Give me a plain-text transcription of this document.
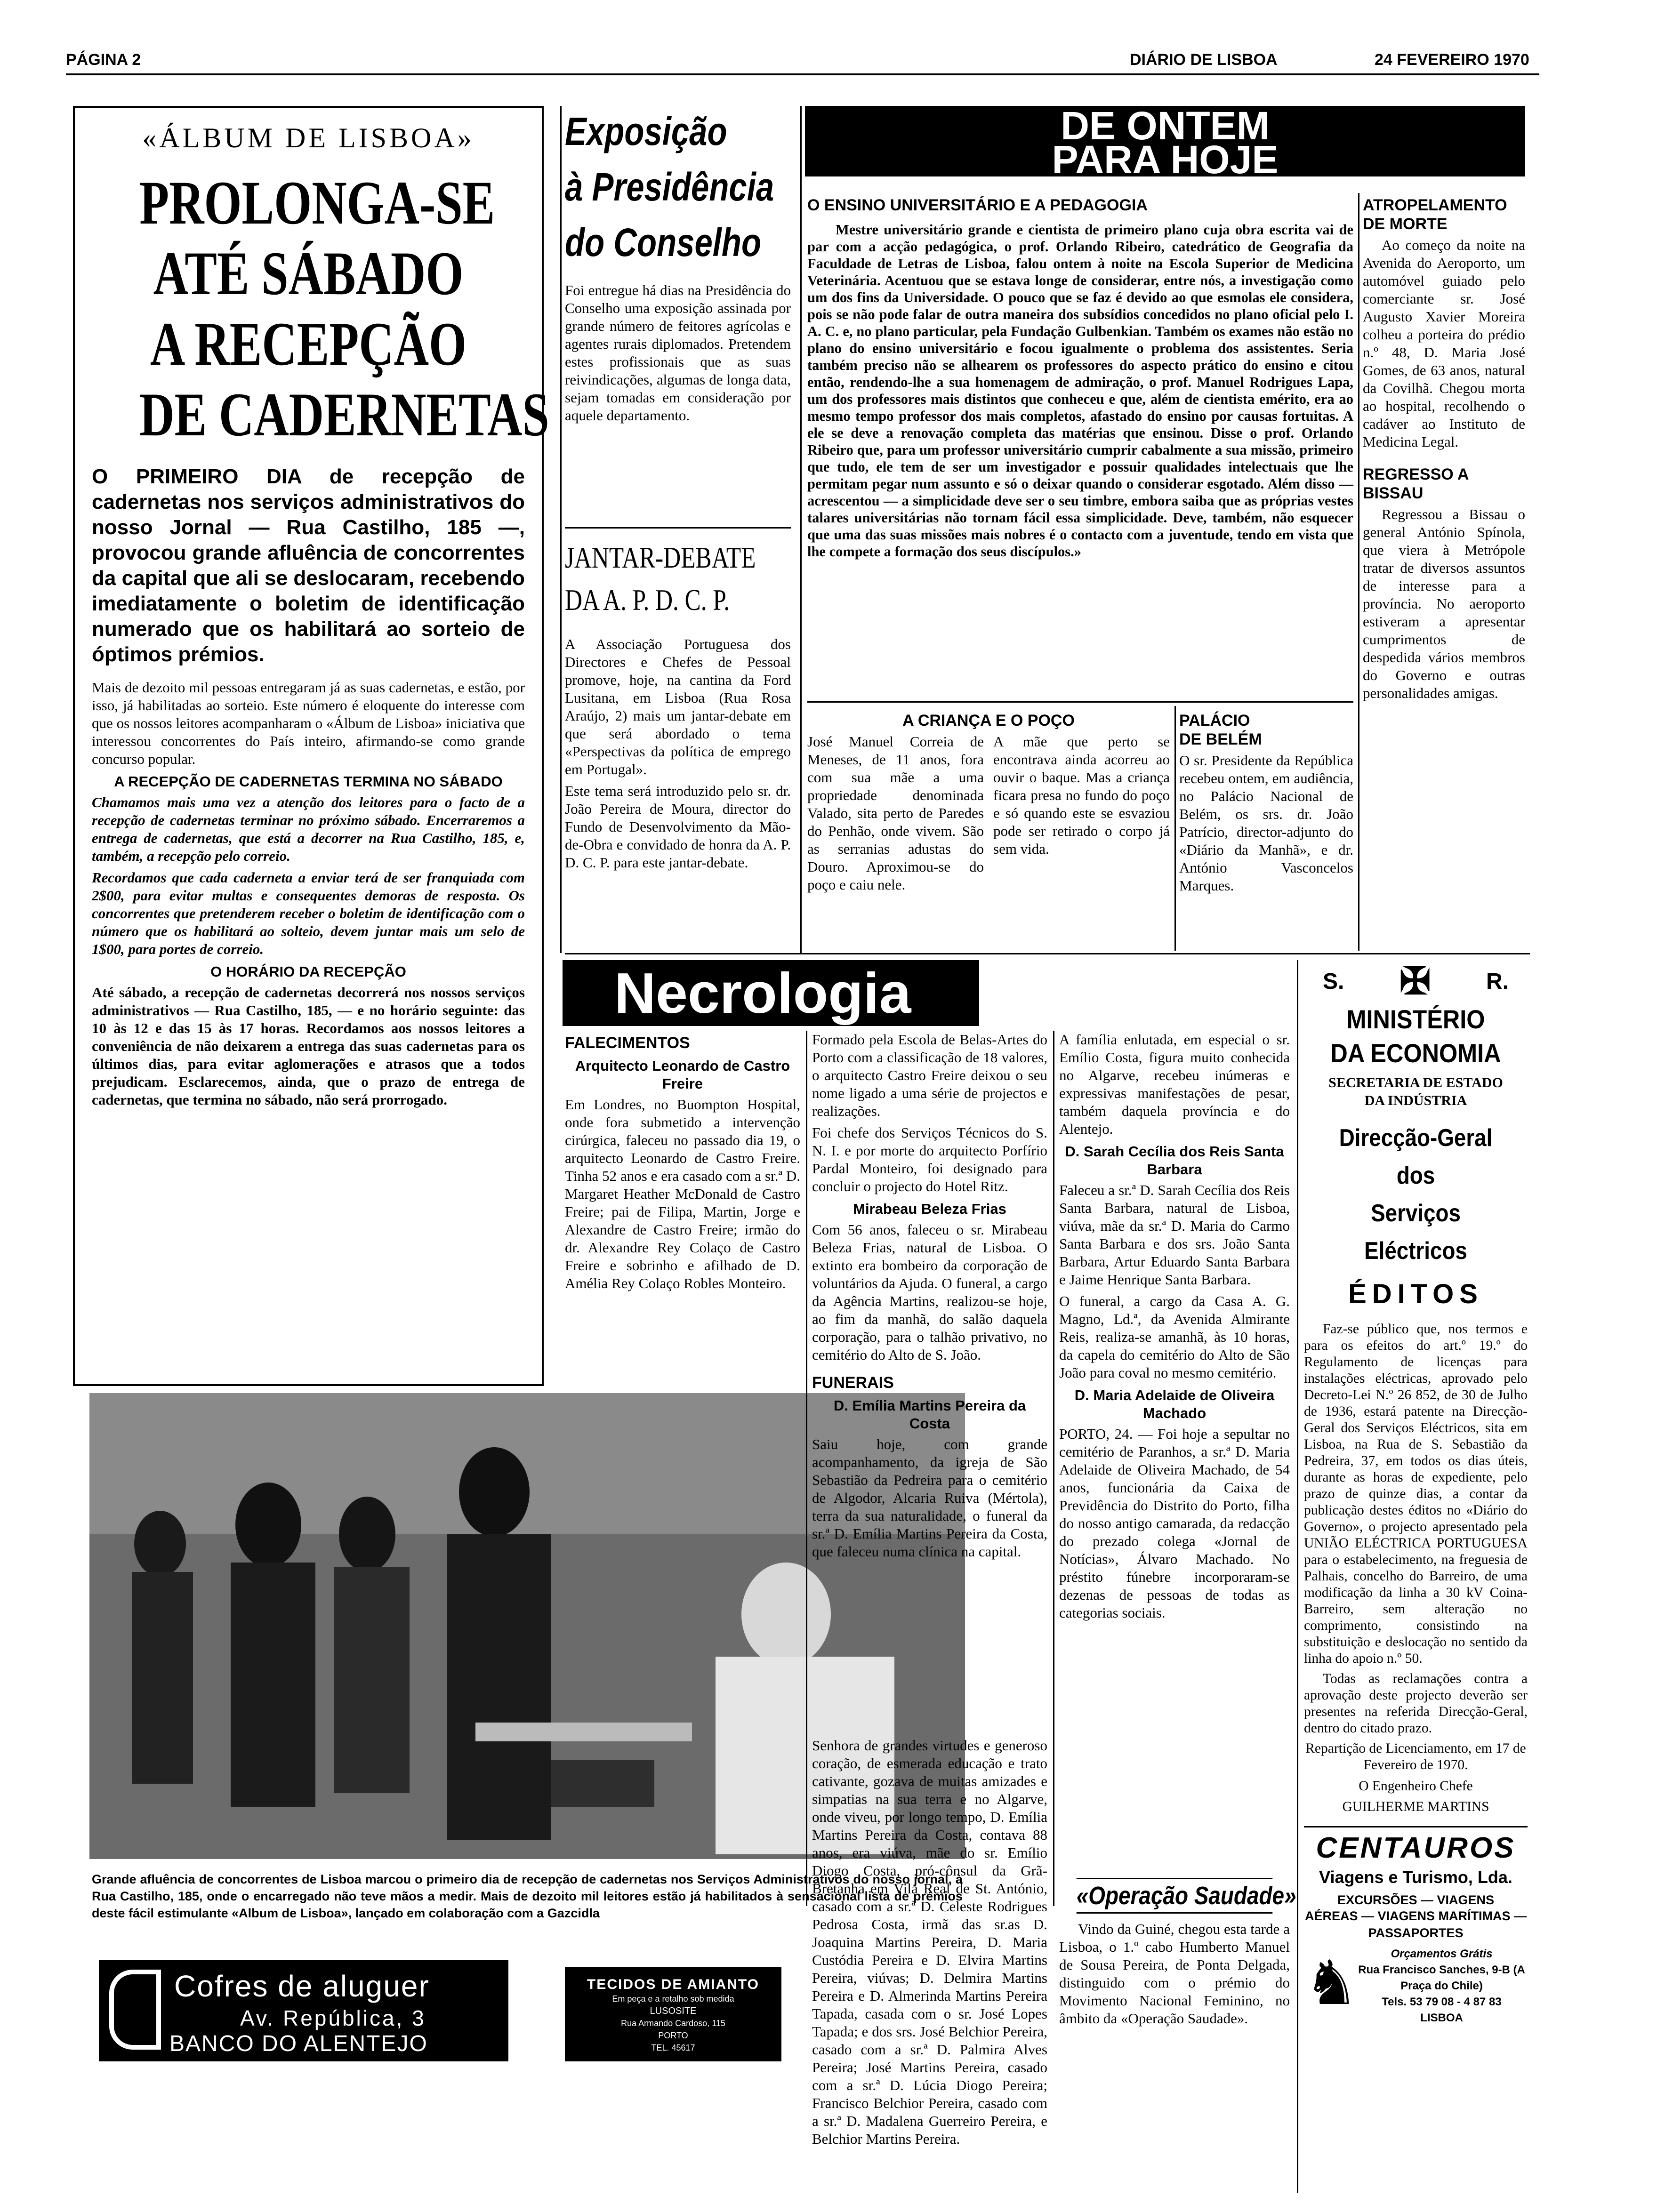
PÁGINA 2	DIÁRIO DE LISBOA	24 FEVEREIRO 1970
«ÁLBUM DE LISBOA»
PROLONGA-SE
ATÉ SÁBADO
A RECEPÇÃO
DE CADERNETAS
O PRIMEIRO DIA de recepção de cadernetas nos serviços administrativos do nosso Jornal — Rua Castilho, 185 —, provocou grande afluência de concorrentes da capital que ali se deslocaram, recebendo imediatamente o boletim de identificação numerado que os habilitará ao sorteio de óptimos prémios.

Mais de dezoito mil pessoas entregaram já as suas cadernetas, e estão, por isso, já habilitadas ao sorteio. Este número é eloquente do interesse com que os nossos leitores acompanharam o «Álbum de Lisboa» iniciativa que interessou concorrentes do País inteiro, afirmando-se como grande concurso popular.

A RECEPÇÃO DE CADERNETAS TERMINA NO SÁBADO

Chamamos mais uma vez a atenção dos leitores para o facto de a recepção de cadernetas terminar no próximo sábado. Encerraremos a entrega de cadernetas, que está a decorrer na Rua Castilho, 185, e, também, a recepção pelo correio.

Recordamos que cada caderneta a enviar terá de ser franquiada com 2$00, para evitar multas e consequentes demoras de resposta. Os concorrentes que pretenderem receber o boletim de identificação com o número que os habilitará ao solteio, devem juntar mais um selo de 1$00, para portes de correio.

O HORÁRIO DA RECEPÇÃO

Até sábado, a recepção de cadernetas decorrerá nos nossos serviços administrativos — Rua Castilho, 185, — e no horário seguinte: das 10 às 12 e das 15 às 17 horas. Recordamos aos nossos leitores a conveniência de não deixarem a entrega das suas cadernetas para os últimos dias, para evitar aglomerações e atrasos que a todos prejudicam. Esclarecemos, ainda, que o prazo de entrega de cadernetas, que termina no sábado, não será prorrogado.

Grande afluência de concorrentes de Lisboa marcou o primeiro dia de recepção de cadernetas nos Serviços Administrativos do nosso jornal, à Rua Castilho, 185, onde o encarregado não teve mãos a medir. Mais de dezoito mil leitores estão já habilitados à sensacional lista de prémios deste fácil estimulante «Album de Lisboa», lançado em colaboração com a Gazcidla
Exposição
à Presidência
do Conselho

Foi entregue há dias na Presidência do Conselho uma exposição assinada por grande número de feitores agrícolas e agentes rurais diplomados. Pretendem estes profissionais que as suas reivindicações, algumas de longa data, sejam tomadas em consideração por aquele departamento.

JANTAR-DEBATE
DA A. P. D. C. P.

A Associação Portuguesa dos Directores e Chefes de Pessoal promove, hoje, na cantina da Ford Lusitana, em Lisboa (Rua Rosa Araújo, 2) mais um jantar-debate em que será abordado o tema «Perspectivas da política de emprego em Portugal».

Este tema será introduzido pelo sr. dr. João Pereira de Moura, director do Fundo de Desenvolvimento da Mão-de-Obra e convidado de honra da A. P. D. C. P. para este jantar-debate.

DE ONTEM
PARA HOJE
O ENSINO UNIVERSITÁRIO E A PEDAGOGIA

Mestre universitário grande e cientista de primeiro plano cuja obra escrita vai de par com a acção pedagógica, o prof. Orlando Ribeiro, catedrático de Geografia da Faculdade de Letras de Lisboa, falou ontem à noite na Escola Superior de Medicina Veterinária. Acentuou que se estava longe de considerar, entre nós, a investigação como um dos fins da Universidade. O pouco que se faz é devido ao que esmolas ele considera, pois se não pode falar de outra maneira dos subsídios concedidos no plano oficial pelo I. A. C. e, no plano particular, pela Fundação Gulbenkian. Também os exames não estão no plano do ensino universitário e focou igualmente o problema dos assistentes. Seria também preciso não se alhearem os professores do aspecto prático do ensino e citou então, rendendo-lhe a sua homenagem de admiração, o prof. Manuel Rodrigues Lapa, um dos professores mais distintos que conheceu e que, além de cientista emérito, era ao mesmo tempo professor dos mais completos, afastado do ensino por causas fortuitas. A ele se deve a renovação completa das matérias que ensinou. Disse o prof. Orlando Ribeiro que, para um professor universitário cumprir cabalmente a sua missão, primeiro que tudo, ele tem de ser um investigador e possuir qualidades intelectuais que lhe permitam pegar num assunto e só o deixar quando o considerar esgotado. Além disso — acrescentou — a simplicidade deve ser o seu timbre, embora saiba que as próprias vestes talares universitárias não tornam fácil essa simplicidade. Deve, também, não esquecer que uma das suas missões mais nobres é o contacto com a juventude, tendo em vista que lhe compete a formação dos seus discípulos.»

A CRIANÇA E O POÇO

José Manuel Correia de Meneses, de 11 anos, fora com sua mãe a uma propriedade denominada Valado, sita perto de Paredes do Penhão, onde vivem. São as serranias adustas do Douro. Aproximou-se do poço e caiu nele.

A mãe que perto se encontrava ainda acorreu ao ouvir o baque. Mas a criança ficara presa no fundo do poço e só quando este se esvaziou pode ser retirado o corpo já sem vida.

PALÁCIO DE BELÉM

O sr. Presidente da República recebeu ontem, em audiência, no Palácio Nacional de Belém, os srs. dr. João Patrício, director-adjunto do «Diário da Manhã», e dr. António Vasconcelos Marques.

ATROPELAMENTO DE MORTE

Ao começo da noite na Avenida do Aeroporto, um automóvel guiado pelo comerciante sr. José Augusto Xavier Moreira colheu a porteira do prédio n.º 48, D. Maria José Gomes, de 63 anos, natural da Covilhã. Chegou morta ao hospital, recolhendo o cadáver ao Instituto de Medicina Legal.

REGRESSO A BISSAU

Regressou a Bissau o general António Spínola, que viera à Metrópole tratar de diversos assuntos de interesse para a província. No aeroporto estiveram a apresentar cumprimentos de despedida vários membros do Governo e outras personalidades amigas.

Necrologia
FALECIMENTOS
Arquitecto Leonardo de Castro Freire

Em Londres, no Buompton Hospital, onde fora submetido a intervenção cirúrgica, faleceu no passado dia 19, o arquitecto Leonardo de Castro Freire. Tinha 52 anos e era casado com a sr.ª D. Margaret Heather McDonald de Castro Freire; pai de Filipa, Martin, Jorge e Alexandre de Castro Freire; irmão do dr. Alexandre Rey Colaço de Castro Freire e sobrinho e afilhado de D. Amélia Rey Colaço Robles Monteiro.

Formado pela Escola de Belas-Artes do Porto com a classificação de 18 valores, o arquitecto Castro Freire deixou o seu nome ligado a uma série de projectos e realizações.

Foi chefe dos Serviços Técnicos do S. N. I. e por morte do arquitecto Porfírio Pardal Monteiro, foi designado para concluir o projecto do Hotel Ritz.

Mirabeau Beleza Frias

Com 56 anos, faleceu o sr. Mirabeau Beleza Frias, natural de Lisboa. O extinto era bombeiro da corporação de voluntários da Ajuda. O funeral, a cargo da Agência Martins, realizou-se hoje, ao fim da manhã, do salão daquela corporação, para o talhão privativo, no cemitério do Alto de S. João.

FUNERAIS
D. Emília Martins Pereira da Costa

Saiu hoje, com grande acompanhamento, da igreja de São Sebastião da Pedreira para o cemitério de Algodor, Alcaria Ruiva (Mértola), terra da sua naturalidade, o funeral da sr.ª D. Emília Martins Pereira da Costa, que faleceu numa clínica na capital.

A família enlutada, em especial o sr. Emílio Costa, figura muito conhecida no Algarve, recebeu inúmeras e expressivas manifestações de pesar, também daquela província e do Alentejo.

D. Sarah Cecília dos Reis Santa Barbara

Faleceu a sr.ª D. Sarah Cecília dos Reis Santa Barbara, natural de Lisboa, viúva, mãe da sr.ª D. Maria do Carmo Santa Barbara e dos srs. João Santa Barbara, Artur Eduardo Santa Barbara e Jaime Henrique Santa Barbara.

O funeral, a cargo da Casa A. G. Magno, Ld.ª, da Avenida Almirante Reis, realiza-se amanhã, às 10 horas, da capela do cemitério do Alto de São João para coval no mesmo cemitério.

D. Maria Adelaide de Oliveira Machado

PORTO, 24. — Foi hoje a sepultar no cemitério de Paranhos, a sr.ª D. Maria Adelaide de Oliveira Machado, de 54 anos, funcionária da Caixa de Previdência do Distrito do Porto, filha do nosso antigo camarada, da redacção do prezado colega «Jornal de Notícias», Álvaro Machado. No préstito fúnebre incorporaram-se dezenas de pessoas de todas as categorias sociais.

«Operação Saudade»

Vindo da Guiné, chegou esta tarde a Lisboa, o 1.º cabo Humberto Manuel de Sousa Pereira, de Ponta Delgada, distinguido com o prémio do Movimento Nacional Feminino, no âmbito da «Operação Saudade».

Senhora de grandes virtudes e generoso coração, de esmerada educação e trato cativante, gozava de muitas amizades e simpatias na sua terra e no Algarve, onde viveu, por longo tempo, D. Emília Martins Pereira da Costa, contava 88 anos, era viúva, mãe do sr. Emílio Diogo Costa, pró-cônsul da Grã-Bretanha em Vila Real de St. António, casado com a sr.ª D. Celeste Rodrigues Pedrosa Costa, irmã das sr.as D. Joaquina Martins Pereira, D. Maria Custódia Pereira e D. Elvira Martins Pereira, viúvas; D. Delmira Martins Pereira e D. Almerinda Martins Pereira Tapada, casada com o sr. José Lopes Tapada; e dos srs. José Belchior Pereira, casado com a sr.ª D. Palmira Alves Pereira; José Martins Pereira, casado com a sr.ª D. Lúcia Diogo Pereira; Francisco Belchior Pereira, casado com a sr.ª D. Madalena Guerreiro Pereira, e Belchior Martins Pereira.
S. ✠ R.
MINISTÉRIO
DA ECONOMIA
SECRETARIA DE ESTADO
DA INDÚSTRIA
Direcção-Geral
dos
Serviços Eléctricos
ÉDITOS

Faz-se público que, nos termos e para os efeitos do art.º 19.º do Regulamento de licenças para instalações eléctricas, aprovado pelo Decreto-Lei N.º 26 852, de 30 de Julho de 1936, estará patente na Direcção-Geral dos Serviços Eléctricos, sita em Lisboa, na Rua de S. Sebastião da Pedreira, 37, em todos os dias úteis, durante as horas de expediente, pelo prazo de quinze dias, a contar da publicação destes éditos no «Diário do Governo», o projecto apresentado pela UNIÃO ELÉCTRICA PORTUGUESA para o estabelecimento, na freguesia de Palhais, concelho do Barreiro, de uma modificação da linha a 30 kV Coina-Barreiro, sem alteração no comprimento, consistindo na substituição e deslocação no sentido da linha do apoio n.º 50.

Todas as reclamações contra a aprovação deste projecto deverão ser presentes na referida Direcção-Geral, dentro do citado prazo.

Repartição de Licenciamento, em 17 de Fevereiro de 1970.

O Engenheiro Chefe

GUILHERME MARTINS

CENTAUROS
Viagens e Turismo, Lda.
EXCURSÕES — VIAGENS
AÉREAS — VIAGENS MARÍTIMAS — PASSAPORTES
♞	Orçamentos Grátis
Rua Francisco Sanches, 9-B (A Praça do Chile)
Tels. 53 79 08 - 4 87 83
LISBOA
Cofres de aluguer
Av. República, 3
BANCO DO ALENTEJO
TECIDOS DE AMIANTO
Em peça e a retalho sob medida
LUSOSITE
Rua Armando Cardoso, 115
PORTO
TEL. 45617
